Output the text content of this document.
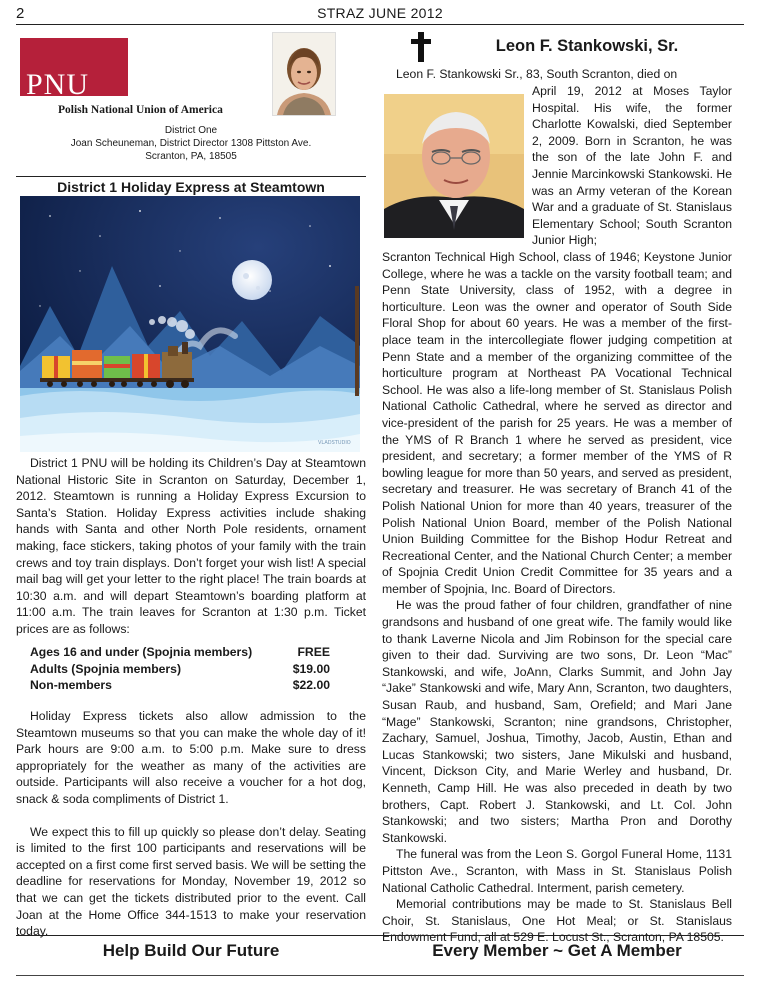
2	STRAZ JUNE 2012
PNU
Polish National Union of America
District One
Joan Scheuneman, District Director 1308 Pittston Ave.
Scranton, PA, 18505
District 1 Holiday Express at Steamtown
VLADSTUDIO

District 1 PNU will be holding its Children’s Day at Steamtown National Historic Site in Scranton on Saturday, December 1, 2012. Steamtown is running a Holiday Express Excursion to Santa’s Station. Holiday Express activities include shaking hands with Santa and other North Pole residents, ornament making, face stickers, taking photos of your family with the train crews and toy train displays. Don’t forget your wish list! A special mail bag will get your letter to the right place! The train boards at 10:30 a.m. and will depart Steamtown’s boarding platform at 11:00 a.m. The train leaves for Scranton at 1:30 p.m. Ticket prices are as follows:

Ages 16 and under (Spojnia members)	FREE
Adults (Spojnia members)	$19.00
Non-members	$22.00

Holiday Express tickets also allow admission to the Steamtown museums so that you can make the whole day of it! Park hours are 9:00 a.m. to 5:00 p.m. Make sure to dress appropriately for the weather as many of the activities are outside. Participants will also receive a voucher for a hot dog, snack & soda compliments of District 1.

We expect this to fill up quickly so please don’t delay. Seating is limited to the first 100 participants and reservations will be accepted on a first come first served basis. We will be setting the deadline for reservations for Monday, November 19, 2012 so that we can get the tickets distributed prior to the event. Call Joan at the Home Office 344-1513 to make your reservation today.

Leon F. Stankowski, Sr.
Leon F. Stankowski Sr., 83, South Scranton, died on

April 19, 2012 at Moses Taylor Hospital. His wife, the former Charlotte Kowalski, died September 2, 2009. Born in Scranton, he was the son of the late John F. and Jennie Marcinkowski Stankowski. He was an Army veteran of the Korean War and a graduate of St. Stanislaus Elementary School; South Scranton Junior High;

Scranton Technical High School, class of 1946; Keystone Junior College, where he was a tackle on the varsity football team; and Penn State University, class of 1952, with a degree in horticulture. Leon was the owner and operator of South Side Floral Shop for about 60 years. He was a member of the first-place team in the intercollegiate flower judging competition at Penn State and a member of the organizing committee of the horticulture program at Northeast PA Vocational Technical School. He was also a life-long member of St. Stanislaus Polish National Catholic Cathedral, where he served as director and vice-president of the parish for 25 years. He was a member of the YMS of R Branch 1 where he served as president, vice president, and secretary; a former member of the YMS of R bowling league for more than 50 years, and served as president, secretary and treasurer. He was secretary of Branch 41 of the Polish National Union for more than 40 years, treasurer of the Polish National Union Board, member of the Polish National Union Building Committee for the Bishop Hodur Retreat and Recreational Center, and the National Church Center; a member of Spojnia Credit Union Credit Committee for 35 years and a member of Spojnia, Inc. Board of Directors.

He was the proud father of four children, grandfather of nine grandsons and husband of one great wife. The family would like to thank Laverne Nicola and Jim Robinson for the special care given to their dad. Surviving are two sons, Dr. Leon “Mac” Stankowski, and wife, JoAnn, Clarks Summit, and John Jay “Jake” Stankowski and wife, Mary Ann, Scranton, two daughters, Susan Raub, and husband, Sam, Orefield; and Mari Jane “Mage” Stankowski, Scranton; nine grandsons, Christopher, Zachary, Samuel, Joshua, Timothy, Jacob, Austin, Ethan and Lucas Stankowski; two sisters, Jane Mikulski and husband, Vincent, Dickson City, and Marie Werley and husband, Dr. Kenneth, Camp Hill. He was also preceded in death by two brothers, Capt. Robert J. Stankowski, and Lt. Col. John Stankowski; and two sisters; Martha Pron and Dorothy Stankowski.

The funeral was from the Leon S. Gorgol Funeral Home, 1131 Pittston Ave., Scranton, with Mass in St. Stanislaus Polish National Catholic Cathedral. Interment, parish cemetery.

Memorial contributions may be made to St. Stanislaus Bell Choir, St. Stanislaus, One Hot Meal; or St. Stanislaus Endowment Fund, all at 529 E. Locust St., Scranton, PA 18505.

Help Build Our Future	Every Member ~ Get A Member
